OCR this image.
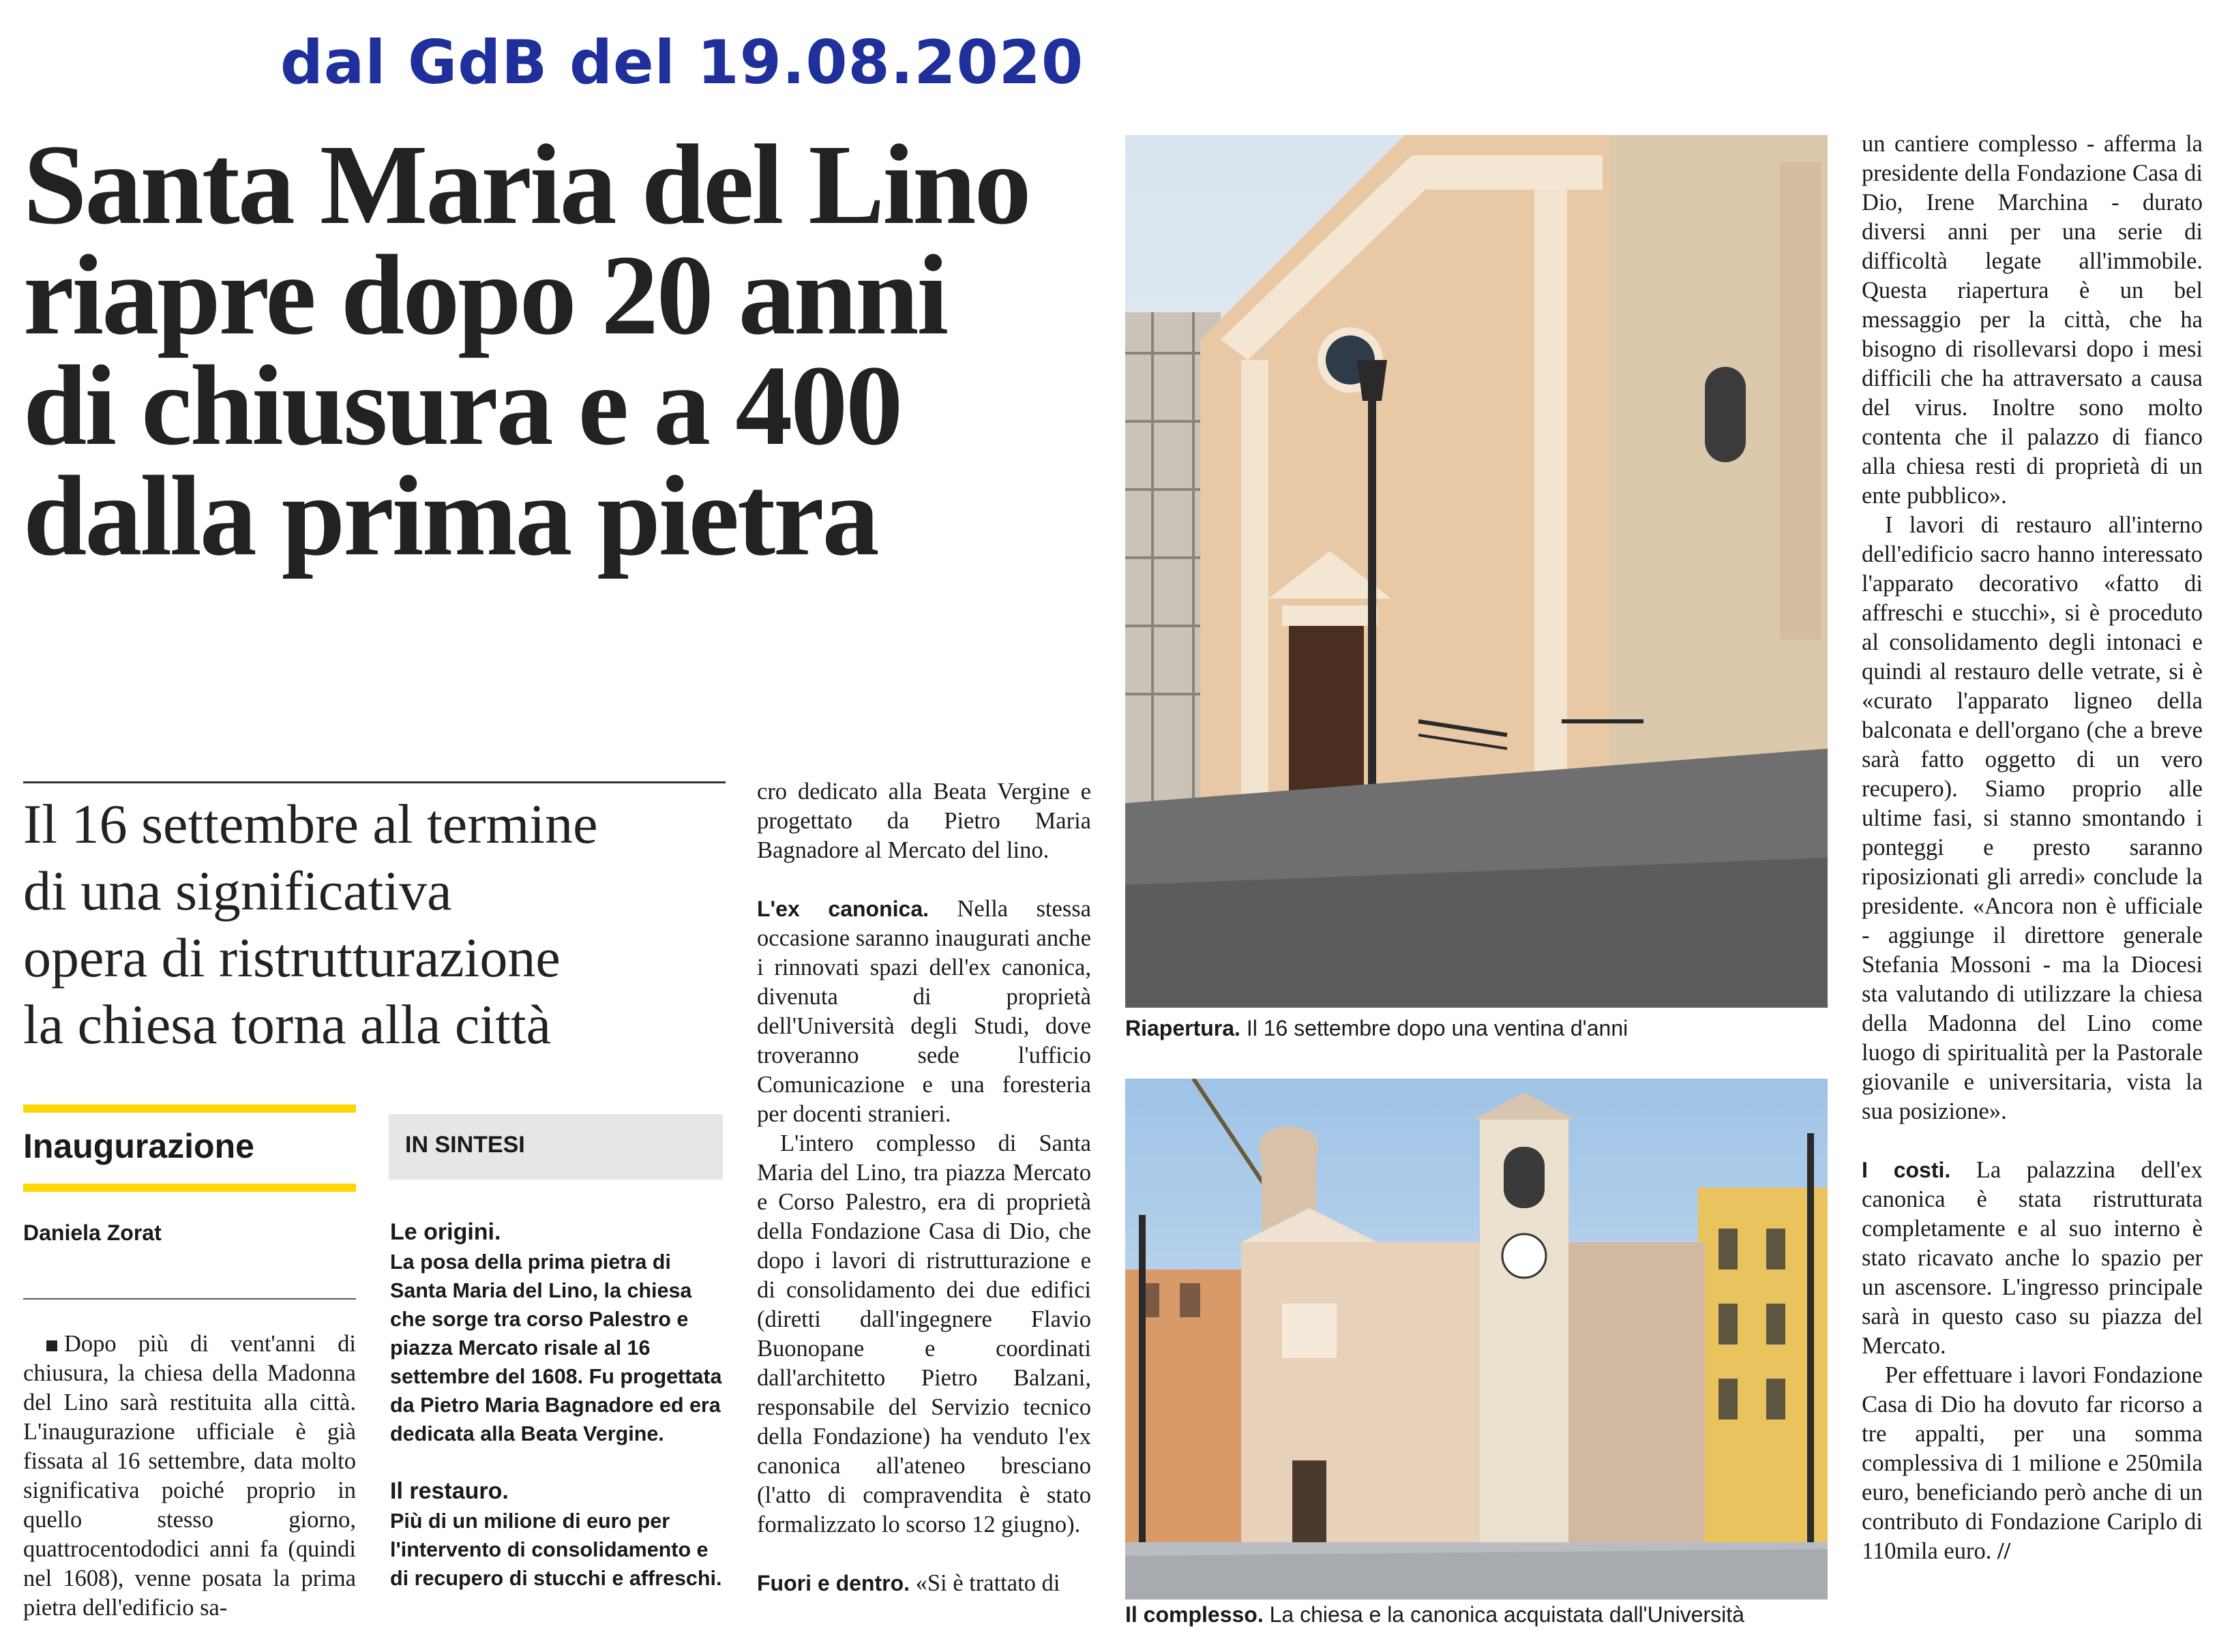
dal GdB del 19.08.2020
Santa Maria del Lino
riapre dopo 20 anni
di chiusura e a 400
dalla prima pietra
Il 16 settembre al termine
di una significativa
opera di ristrutturazione
la chiesa torna alla città
Inaugurazione
Daniela Zorat

Dopo più di vent'anni di chiusura, la chiesa della Madonna del Lino sarà restituita alla città. L'inaugurazione ufficiale è già fissata al 16 settembre, data molto significativa poiché proprio in quello stesso giorno, quattrocentododici anni fa (quindi nel 1608), venne posata la prima pietra dell'edificio sa-

IN SINTESI
Le origini.
La posa della prima pietra di Santa Maria del Lino, la chiesa che sorge tra corso Palestro e piazza Mercato risale al 16 settembre del 1608. Fu progettata da Pietro Maria Bagnadore ed era dedicata alla Beata Vergine.
Il restauro.
Più di un milione di euro per l'intervento di consolidamento e di recupero di stucchi e affreschi.

cro dedicato alla Beata Vergine e progettato da Pietro Maria Bagnadore al Mercato del lino.

L'ex canonica. Nella stessa occasione saranno inaugurati anche i rinnovati spazi dell'ex canonica, divenuta di proprietà dell'Università degli Studi, dove troveranno sede l'ufficio Comunicazione e una foresteria per docenti stranieri.

L'intero complesso di Santa Maria del Lino, tra piazza Mercato e Corso Palestro, era di proprietà della Fondazione Casa di Dio, che dopo i lavori di ristrutturazione e di consolidamento dei due edifici (diretti dall'ingegnere Flavio Buonopane e coordinati dall'architetto Pietro Balzani, responsabile del Servizio tecnico della Fondazione) ha venduto l'ex canonica all'ateneo bresciano (l'atto di compravendita è stato formalizzato lo scorso 12 giugno).

Fuori e dentro. «Si è trattato di

Riapertura. Il 16 settembre dopo una ventina d'anni
Il complesso. La chiesa e la canonica acquistata dall'Università

un cantiere complesso - afferma la presidente della Fondazione Casa di Dio, Irene Marchina - durato diversi anni per una serie di difficoltà legate all'immobile. Questa riapertura è un bel messaggio per la città, che ha bisogno di risollevarsi dopo i mesi difficili che ha attraversato a causa del virus. Inoltre sono molto contenta che il palazzo di fianco alla chiesa resti di proprietà di un ente pubblico».

I lavori di restauro all'interno dell'edificio sacro hanno interessato l'apparato decorativo «fatto di affreschi e stucchi», si è proceduto al consolidamento degli intonaci e quindi al restauro delle vetrate, si è «curato l'apparato ligneo della balconata e dell'organo (che a breve sarà fatto oggetto di un vero recupero). Siamo proprio alle ultime fasi, si stanno smontando i ponteggi e presto saranno riposizionati gli arredi» conclude la presidente. «Ancora non è ufficiale - aggiunge il direttore generale Stefania Mossoni - ma la Diocesi sta valutando di utilizzare la chiesa della Madonna del Lino come luogo di spiritualità per la Pastorale giovanile e universitaria, vista la sua posizione».

I costi. La palazzina dell'ex canonica è stata ristrutturata completamente e al suo interno è stato ricavato anche lo spazio per un ascensore. L'ingresso principale sarà in questo caso su piazza del Mercato.

Per effettuare i lavori Fondazione Casa di Dio ha dovuto far ricorso a tre appalti, per una somma complessiva di 1 milione e 250mila euro, beneficiando però anche di un contributo di Fondazione Cariplo di 110mila euro. //
